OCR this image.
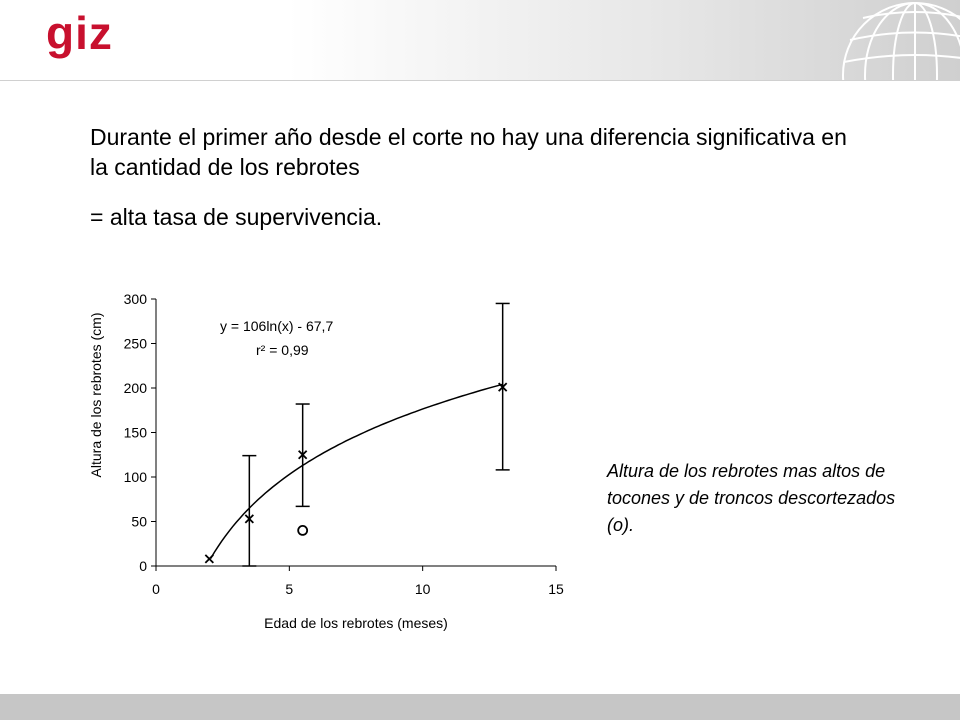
giz

Durante el primer año desde el corte no hay una diferencia significativa en la cantidad de los rebrotes

= alta tasa de supervivencia.

0
50
100
150
200
250
300
0	5	10	15
Altura de los rebrotes (cm)
Edad de los rebrotes (meses)
y = 106ln(x) - 67,7
r² = 0,99
Altura de los rebrotes mas altos de tocones y de troncos descortezados (o).
